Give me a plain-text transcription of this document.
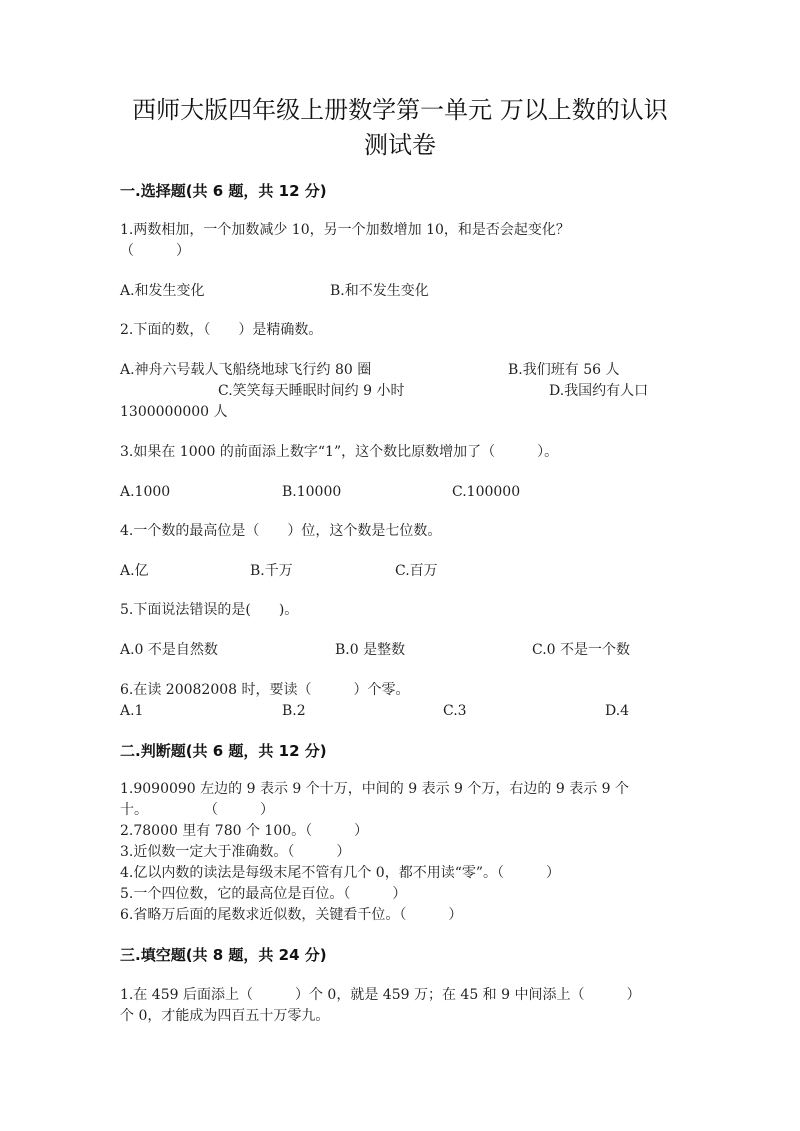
西师大版四年级上册数学第一单元 万以上数的认识
测试卷
一.选择题(共 6 题，共 12 分)
1.两数相加，一个加数减少 10，另一个加数增加 10，和是否会起变化？
（　　　）
A.和发生变化	B.和不发生变化
2.下面的数，（　　）是精确数。
A.神舟六号载人飞船绕地球飞行约 80 圈	B.我们班有 56 人
C.笑笑每天睡眠时间约 9 小时	D.我国约有人口
1300000000 人
3.如果在 1000 的前面添上数字“1”，这个数比原数增加了（　　　）。
A.1000	B.10000	C.100000
4.一个数的最高位是（　　）位，这个数是七位数。
A.亿	B.千万	C.百万
5.下面说法错误的是(　　)。
A.0 不是自然数	B.0 是整数	C.0 不是一个数
6.在读 20082008 时，要读（　　　）个零。
A.1	B.2	C.3	D.4
二.判断题(共 6 题，共 12 分)
1.9090090 左边的 9 表示 9 个十万，中间的 9 表示 9 个万，右边的 9 表示 9 个
十。　　　　　（　　　）
2.78000 里有 780 个 100。（　　　）
3.近似数一定大于准确数。（　　　）
4.亿以内数的读法是每级末尾不管有几个 0，都不用读“零”。（　　　）
5.一个四位数，它的最高位是百位。（　　　）
6.省略万后面的尾数求近似数，关键看千位。（　　　）
三.填空题(共 8 题，共 24 分)
1.在 459 后面添上（　　　）个 0，就是 459 万；在 45 和 9 中间添上（　　　）
个 0，才能成为四百五十万零九。
